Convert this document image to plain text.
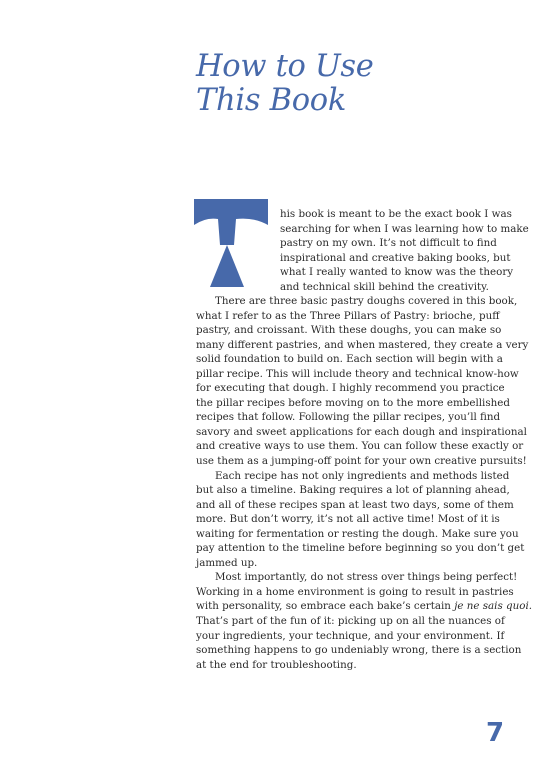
How to Use
This Book
his book is meant to be the exact book I was
searching for when I was learning how to make
pastry on my own. It’s not difficult to find
inspirational and creative baking books, but
what I really wanted to know was the theory
and technical skill behind the creativity.
There are three basic pastry doughs covered in this book,
what I refer to as the Three Pillars of Pastry: brioche, puff
pastry, and croissant. With these doughs, you can make so
many different pastries, and when mastered, they create a very
solid foundation to build on. Each section will begin with a
pillar recipe. This will include theory and technical know-how
for executing that dough. I highly recommend you practice
the pillar recipes before moving on to the more embellished
recipes that follow. Following the pillar recipes, you’ll find
savory and sweet applications for each dough and inspirational
and creative ways to use them. You can follow these exactly or
use them as a jumping-off point for your own creative pursuits!
Each recipe has not only ingredients and methods listed
but also a timeline. Baking requires a lot of planning ahead,
and all of these recipes span at least two days, some of them
more. But don’t worry, it’s not all active time! Most of it is
waiting for fermentation or resting the dough. Make sure you
pay attention to the timeline before beginning so you don’t get
jammed up.
Most importantly, do not stress over things being perfect!
Working in a home environment is going to result in pastries
with personality, so embrace each bake’s certain je ne sais quoi.
That’s part of the fun of it: picking up on all the nuances of
your ingredients, your technique, and your environment. If
something happens to go undeniably wrong, there is a section
at the end for troubleshooting.
7
